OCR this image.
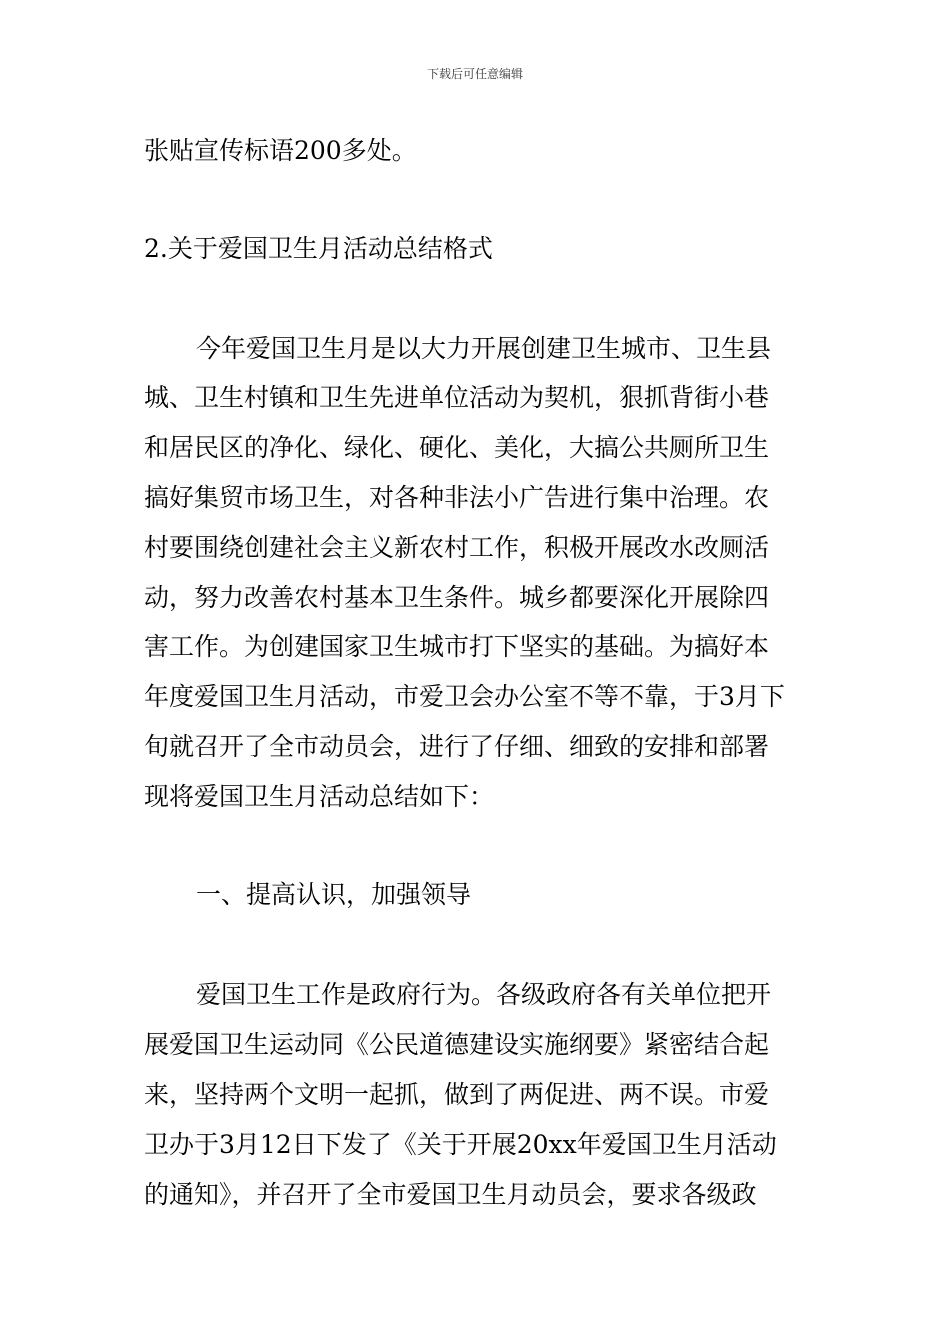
下载后可任意编辑
张贴宣传标语200多处。
2.关于爱国卫生月活动总结格式
今年爱国卫生月是以大力开展创建卫生城市、卫生县
城、卫生村镇和卫生先进单位活动为契机，狠抓背街小巷
和居民区的净化、绿化、硬化、美化，大搞公共厕所卫生
搞好集贸市场卫生，对各种非法小广告进行集中治理。农
村要围绕创建社会主义新农村工作，积极开展改水改厕活
动，努力改善农村基本卫生条件。城乡都要深化开展除四
害工作。为创建国家卫生城市打下坚实的基础。为搞好本
年度爱国卫生月活动，市爱卫会办公室不等不靠，于3月下
旬就召开了全市动员会，进行了仔细、细致的安排和部署
现将爱国卫生月活动总结如下：
一、提高认识，加强领导
爱国卫生工作是政府行为。各级政府各有关单位把开
展爱国卫生运动同《公民道德建设实施纲要》紧密结合起
来，坚持两个文明一起抓，做到了两促进、两不误。市爱
卫办于3月12日下发了《关于开展20xx年爱国卫生月活动
的通知》，并召开了全市爱国卫生月动员会，要求各级政
